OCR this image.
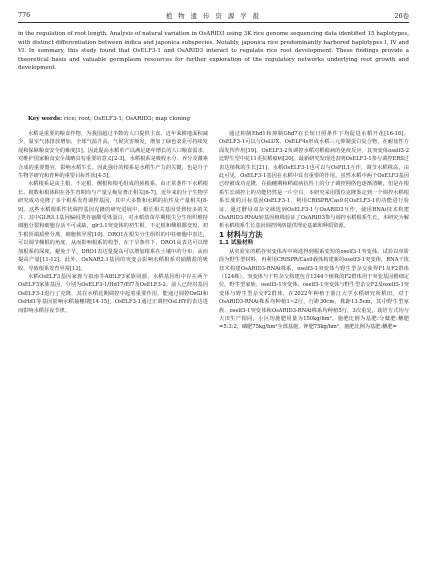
776	植 物 遗 传 资 源 学 报	26卷
in the regulation of root length. Analysis of natural variation in OsARID3 using 3K rice genome sequencing data identified 15 haplotypes, with distinct differentiation between indica and japonica subspecies. Notably, japonica rice predominantly harbored haplotypes I, IV and VI. In summary, this study found that OsELF3-1 and OsARID3 interact to regulate rice root development. These findings provide a theoretical basis and valuable germplasm resources for further exploration of the regulatory networks underlying root growth and development.
Key words: rice; root; OsELF3-1; OsARID3; map cloning

水稻是重要的粮食作物，为我国超过半数的人口提供主食。近年来耕地面积减少，温室气体排放增加，全球气温升高，气候灾害频发，增加了绿色农业可持续发展和保障粮食安全的难度[1]。因此提高水稻单产以满足逐年增长的人口粮食需求，对维护国家粮食安全战略具有重要的意义[2-3]。水稻根系是吸收水分、养分及激素合成的重要器官，影响水稻生长。因此强壮的根系是水稻生产力的关键，也是分子生物学研究和育种的重要目标性状[4-5]。

水稻根系是由主根、不定根、侧根和根毛组成的须根系，由正常条件下水稻根长、根数和根体积在各生育期均与产量呈极显著正相关[6-7]。近年来的分子生物学研究成功克隆了多个根系发育调控基因，其中大多数和水稻的抗性及产量相关[8-9]。这些水稻根系性状调控基因克隆的研究进展中，根长相关基因受到较多的关注，其中GLR3.1基因编码类谷氨酸受体蛋白，对水稻幼苗早期根尖分生组织维持细胞分裂和细胞存活不可或缺，glr3.1突变体的初生根、不定根和侧根都变短，初生根顶端质壁分离，细胞核异常[10]。DRO1在根尖分生组织的中柱细胞中表达，可以调节侧根的角度，从而影响根系的构型，在干旱条件下，DRO1高表达可以增加根系的深度，避免干旱，DRO1表达量提高可以增加根系在土壤中的分布，从而提高产量[11-12]。此外，OsNAR2.1基因的突变会影响水稻根系对硝酸盐的吸收，导致根系发育异常[13]。

水稻OsELF3基因家族与拟南芥AtELF3家族同源，水稻基因组中存在两个OsELF3家族基因，分别为OsELF3-1/Hd17/Ef7及OsELF3-2。前人已经对基因OsELF3-1进行了克隆，其在水稻花期调控中起着重要作用，能通过调控OsGI和OsHd1等基因影响水稻抽穗期[14-15]，OsELF3-1通过正调控OsLHY的表达进而影响水稻昼夜节律。

通过抑制Ehd1和抑制Ghd7在长短日照条件下均促进水稻开花[16-18]。OsELF3-1可以与OsLUX、OsELF4s形成水稻三元抑制蛋白复合物，在耐盐性方面发挥作用[19]。OsELF3-2负调控水稻对稻瘟病的免疫反应，其突变体oself3-2比野生型中花11更抗稻瘟病[20]。最新研究发现还表明OsELF3-1参与调控ERS过表达植株的生长[21]，水稻OsELF3-1也可以与OsPIL1互作，调节水稻株高，由此可见，OsELF3-1基因在水稻中具有重要的作用。虽然水稻中两个OsELF3基因已经被成功克隆，在抽穗期和稻瘟病抗性上的分子调控网络也逐渐清晰，但是在根系生长调控上的功能仍然是一片空白。本研究采用图位克隆鉴定到一个调控水稻根系长度的目标基因OsELF3-1，利用CRISPR/Cas9对OsELF3-1的功能进行验证，通过酵母双杂交筛选到OsELF3-1与OsARID3互作，使用RNAi技术构建OsARID3-RNAi转基因植株验证了OsARID3参与调控水稻根系生长，本研究为解析水稻根系生长基因调控网络提供理论基础和种质资源。

1 材料与方法

1.1 试验材料

从实验室的稻谷突变体库中筛选得到根系变短的oself3-1突变体。试验以单阶段为野生型材料，再利用CRISPR/Cas9载体构建新的oself3-1突变体，RNA干扰技术构建OsARID3-RNAi株系，oself3-1突变体与野生型杂交获得F1及F2群体（124株），突变体与干粒杂交构建包含1344个植株的F2群体用于突变基因精细定位。野生型家族、oself3-1突变体、oself3-1突变体与野生型杂交F2及oself3-1突变体与野生型杂交F2群体，在2022年种植于浙江大学水稻研究所稻田。对于OsARID3-RNAi株系均种植1~2行，行距30cm，株距13.5cm，其中野生型家族、oself3-1突变体和OsARID3-RNAi株系均种植5行，3次重复，栽培方式均与大田生产相同，小区均施肥用量为150kg/hm²，施肥比例为基肥:分蘖肥:穗肥=5:3:2，磷肥75kg/hm²全部基施，钾肥75kg/hm²，施肥比例为基肥:穗肥=
